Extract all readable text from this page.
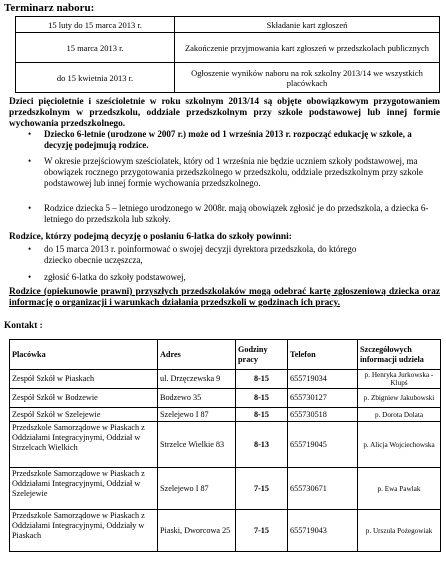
Terminarz naboru:
15 luty do 15 marca 2013 r.	Składanie kart zgłoszeń
15 marca 2013 r.	Zakończenie przyjmowania kart zgłoszeń w przedszkolach publicznych
do 15 kwietnia 2013 r.	Ogłoszenie wyników naboru na rok szkolny 2013/14 we wszystkich placówkach
Dzieci pięcioletnie i sześcioletnie w roku szkolnym 2013/14 są objęte obowiązkowym przygotowaniem przedszkolnym w przedszkolu, oddziale przedszkolnym przy szkole podstawowej lub innej formie wychowania przedszkolnego.
• Dziecko 6-letnie (urodzone w 2007 r.) może od 1 września 2013 r. rozpocząć edukację w szkole, a decyzję podejmują rodzice.
• W okresie przejściowym sześciolatek, który od 1 września nie będzie uczniem szkoły podstawowej, ma obowiązek rocznego przygotowania przedszkolnego w przedszkolu, oddziale przedszkolnym przy szkole podstawowej lub innej formie wychowania przedszkolnego.
• Rodzice dziecka 5 – letniego urodzonego w 2008r. mają obowiązek zgłosić je do przedszkola, a dziecka 6-letniego do przedszkola lub szkoły.
Rodzice, którzy podejmą decyzję o posłaniu 6-latka do szkoły powinni:
• do 15 marca 2013 r. poinformować o swojej decyzji dyrektora przedszkola, do którego dziecko obecnie uczęszcza,
• zgłosić 6-latka do szkoły podstawowej,
Rodzice (opiekunowie prawni) przyszłych przedszkolaków mogą odebrać kartę zgłoszeniową dziecka oraz informację o organizacji i warunkach działania przedszkoli w godzinach ich pracy.
Kontakt :
Placówka	Adres	Godziny pracy	Telefon	Szczegółowych informacji udziela
Zespół Szkół w Piaskach	ul. Drzęczewska 9	8-15	655719034	p. Henryka Jurkowska - Klupś
Zespół Szkół w Bodzewie	Bodzewo 35	8-15	655730127	p. Zbigniew Jakubowski
Zespół Szkół w Szelejewie	Szelejewo I 87	8-15	655730518	p. Dorota Dolata
Przedszkole Samorządowe w Piaskach z Oddziałami Integracyjnymi, Oddział w Strzelcach Wielkich	Strzelce Wielkie 83	8-13	655719045	p. Alicja Wojciechowska
Przedszkole Samorządowe w Piaskach z Oddziałami Integracyjnymi, Oddział w Szelejewie	Szelejewo I 87	7-15	655730671	p. Ewa Pawlak
Przedszkole Samorządowe w Piaskach z Oddziałami Integracyjnymi, Oddziały w Piaskach	Piaski, Dworcowa 25	7-15	655719043	p. Urszula Pożegowiak
